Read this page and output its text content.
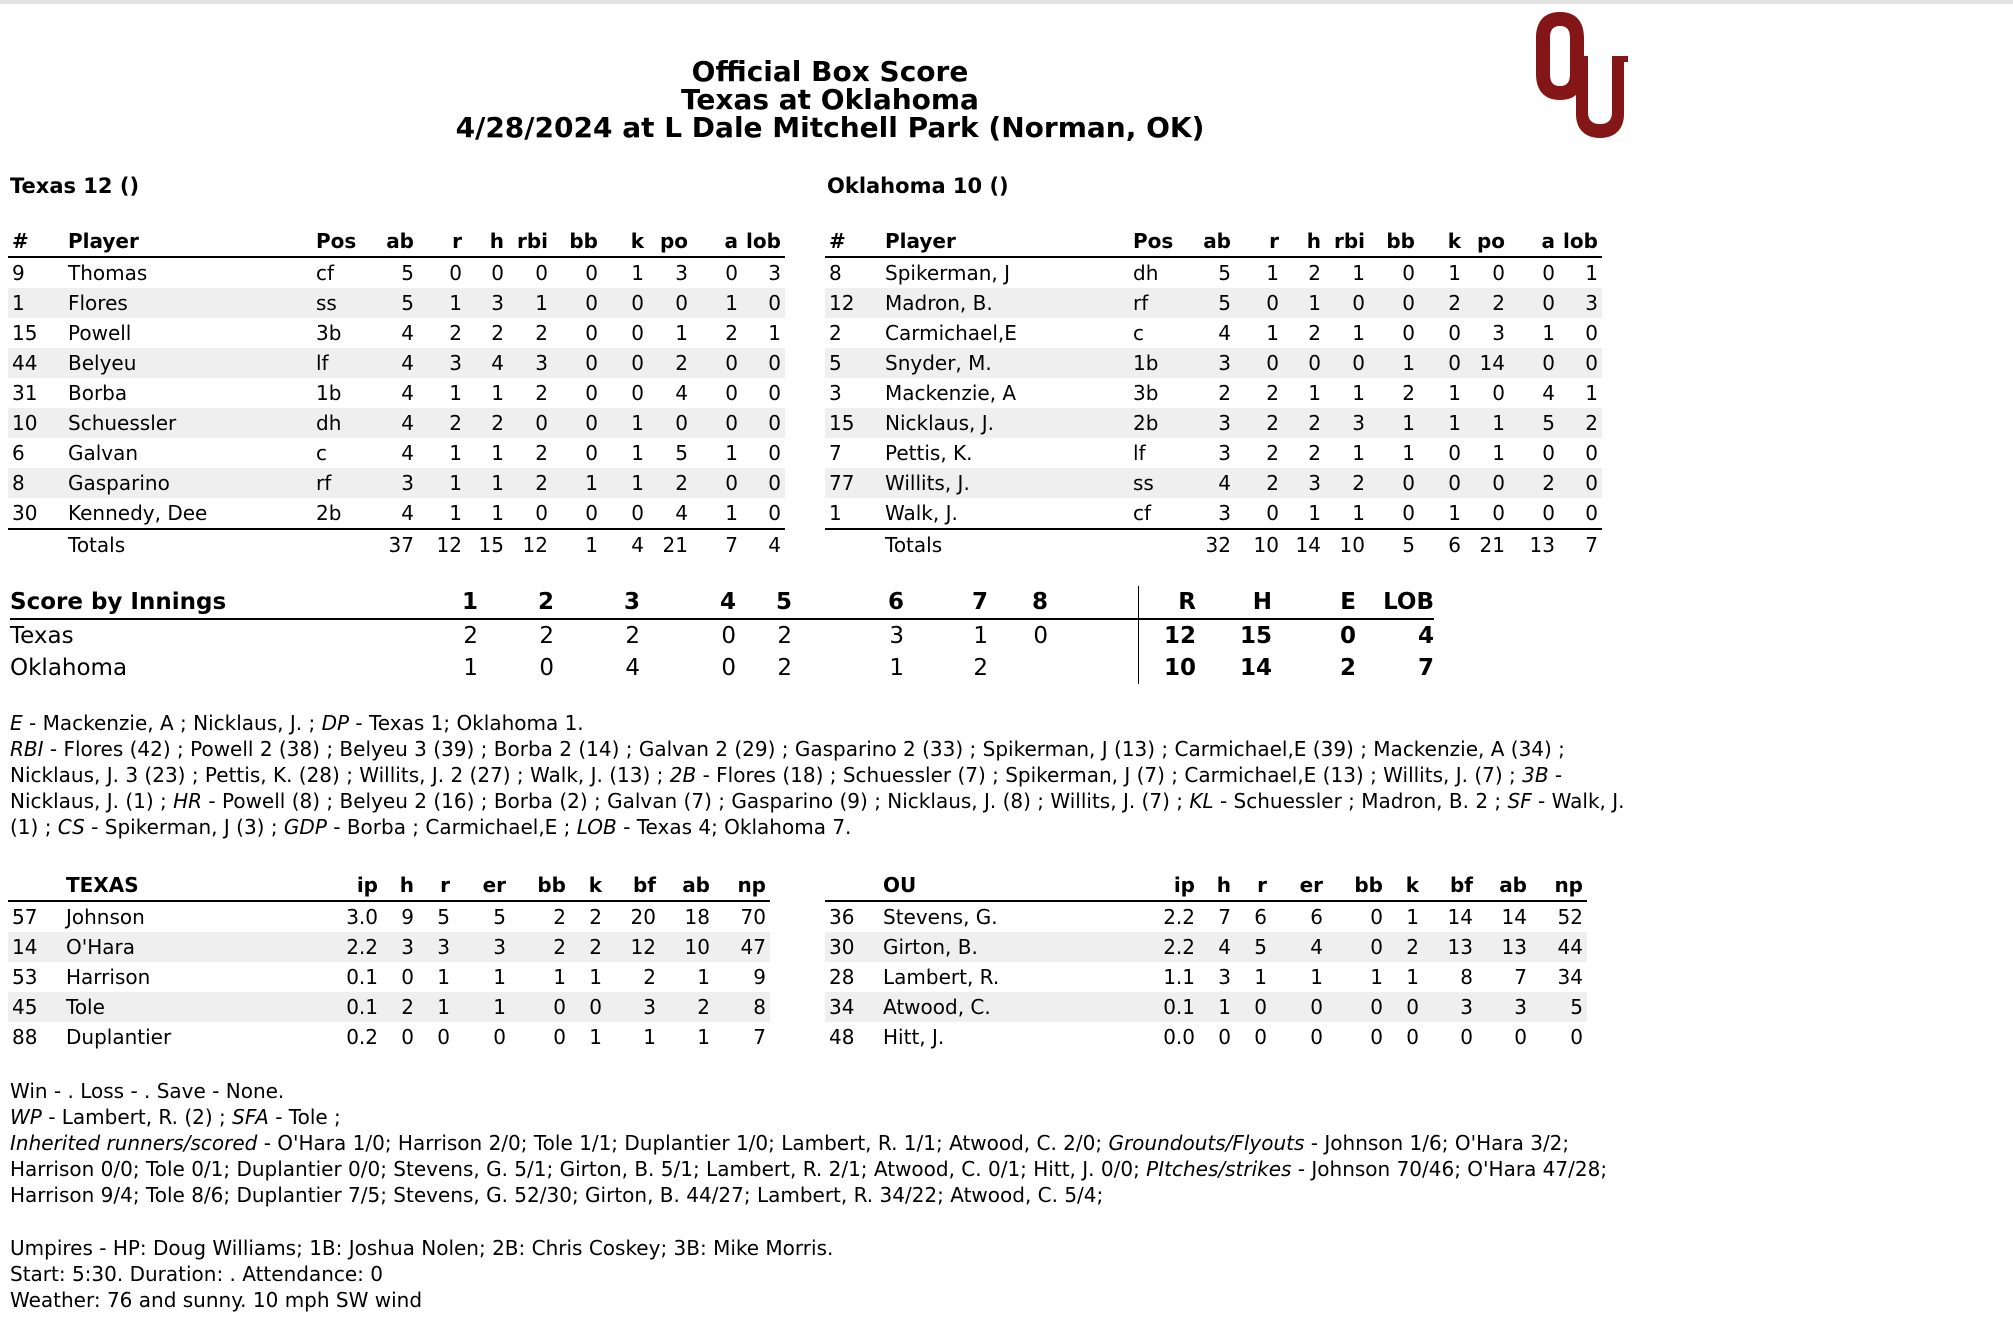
Official Box Score
Texas at Oklahoma
4/28/2024 at L Dale Mitchell Park (Norman, OK)
Texas 12 ()
#	Player	Pos	ab	r	h	rbi	bb	k	po	a	lob
9	Thomas	cf	5	0	0	0	0	1	3	0	3
1	Flores	ss	5	1	3	1	0	0	0	1	0
15	Powell	3b	4	2	2	2	0	0	1	2	1
44	Belyeu	lf	4	3	4	3	0	0	2	0	0
31	Borba	1b	4	1	1	2	0	0	4	0	0
10	Schuessler	dh	4	2	2	0	0	1	0	0	0
6	Galvan	c	4	1	1	2	0	1	5	1	0
8	Gasparino	rf	3	1	1	2	1	1	2	0	0
30	Kennedy, Dee	2b	4	1	1	0	0	0	4	1	0
	Totals		37	12	15	12	1	4	21	7	4
Oklahoma 10 ()
#	Player	Pos	ab	r	h	rbi	bb	k	po	a	lob
8	Spikerman, J	dh	5	1	2	1	0	1	0	0	1
12	Madron, B.	rf	5	0	1	0	0	2	2	0	3
2	Carmichael,E	c	4	1	2	1	0	0	3	1	0
5	Snyder, M.	1b	3	0	0	0	1	0	14	0	0
3	Mackenzie, A	3b	2	2	1	1	2	1	0	4	1
15	Nicklaus, J.	2b	3	2	2	3	1	1	1	5	2
7	Pettis, K.	lf	3	2	2	1	1	0	1	0	0
77	Willits, J.	ss	4	2	3	2	0	0	0	2	0
1	Walk, J.	cf	3	0	1	1	0	1	0	0	0
	Totals		32	10	14	10	5	6	21	13	7
Score by Innings	1	2	3	4	5	6	7	8		R	H	E	LOB
Texas	2	2	2	0	2	3	1	0		12	15	0	4
Oklahoma	1	0	4	0	2	1	2			10	14	2	7

E - Mackenzie, A ; Nicklaus, J. ; DP - Texas 1; Oklahoma 1.
RBI - Flores (42) ; Powell 2 (38) ; Belyeu 3 (39) ; Borba 2 (14) ; Galvan 2 (29) ; Gasparino 2 (33) ; Spikerman, J (13) ; Carmichael,E (39) ; Mackenzie, A (34) ; Nicklaus, J. 3 (23) ; Pettis, K. (28) ; Willits, J. 2 (27) ; Walk, J. (13) ; 2B - Flores (18) ; Schuessler (7) ; Spikerman, J (7) ; Carmichael,E (13) ; Willits, J. (7) ; 3B - Nicklaus, J. (1) ; HR - Powell (8) ; Belyeu 2 (16) ; Borba (2) ; Galvan (7) ; Gasparino (9) ; Nicklaus, J. (8) ; Willits, J. (7) ; KL - Schuessler ; Madron, B. 2 ; SF - Walk, J. (1) ; CS - Spikerman, J (3) ; GDP - Borba ; Carmichael,E ; LOB - Texas 4; Oklahoma 7.

	TEXAS	ip	h	r	er	bb	k	bf	ab	np
57	Johnson	3.0	9	5	5	2	2	20	18	70
14	O'Hara	2.2	3	3	3	2	2	12	10	47
53	Harrison	0.1	0	1	1	1	1	2	1	9
45	Tole	0.1	2	1	1	0	0	3	2	8
88	Duplantier	0.2	0	0	0	0	1	1	1	7
	OU	ip	h	r	er	bb	k	bf	ab	np
36	Stevens, G.	2.2	7	6	6	0	1	14	14	52
30	Girton, B.	2.2	4	5	4	0	2	13	13	44
28	Lambert, R.	1.1	3	1	1	1	1	8	7	34
34	Atwood, C.	0.1	1	0	0	0	0	3	3	5
48	Hitt, J.	0.0	0	0	0	0	0	0	0	0

Win - . Loss - . Save - None.

WP - Lambert, R. (2) ; SFA - Tole ;

Inherited runners/scored - O'Hara 1/0; Harrison 2/0; Tole 1/1; Duplantier 1/0; Lambert, R. 1/1; Atwood, C. 2/0; Groundouts/Flyouts - Johnson 1/6; O'Hara 3/2; Harrison 0/0; Tole 0/1; Duplantier 0/0; Stevens, G. 5/1; Girton, B. 5/1; Lambert, R. 2/1; Atwood, C. 0/1; Hitt, J. 0/0; PItches/strikes - Johnson 70/46; O'Hara 47/28; Harrison 9/4; Tole 8/6; Duplantier 7/5; Stevens, G. 52/30; Girton, B. 44/27; Lambert, R. 34/22; Atwood, C. 5/4;

Umpires - HP: Doug Williams; 1B: Joshua Nolen; 2B: Chris Coskey; 3B: Mike Morris.

Start: 5:30. Duration: . Attendance: 0

Weather: 76 and sunny. 10 mph SW wind
